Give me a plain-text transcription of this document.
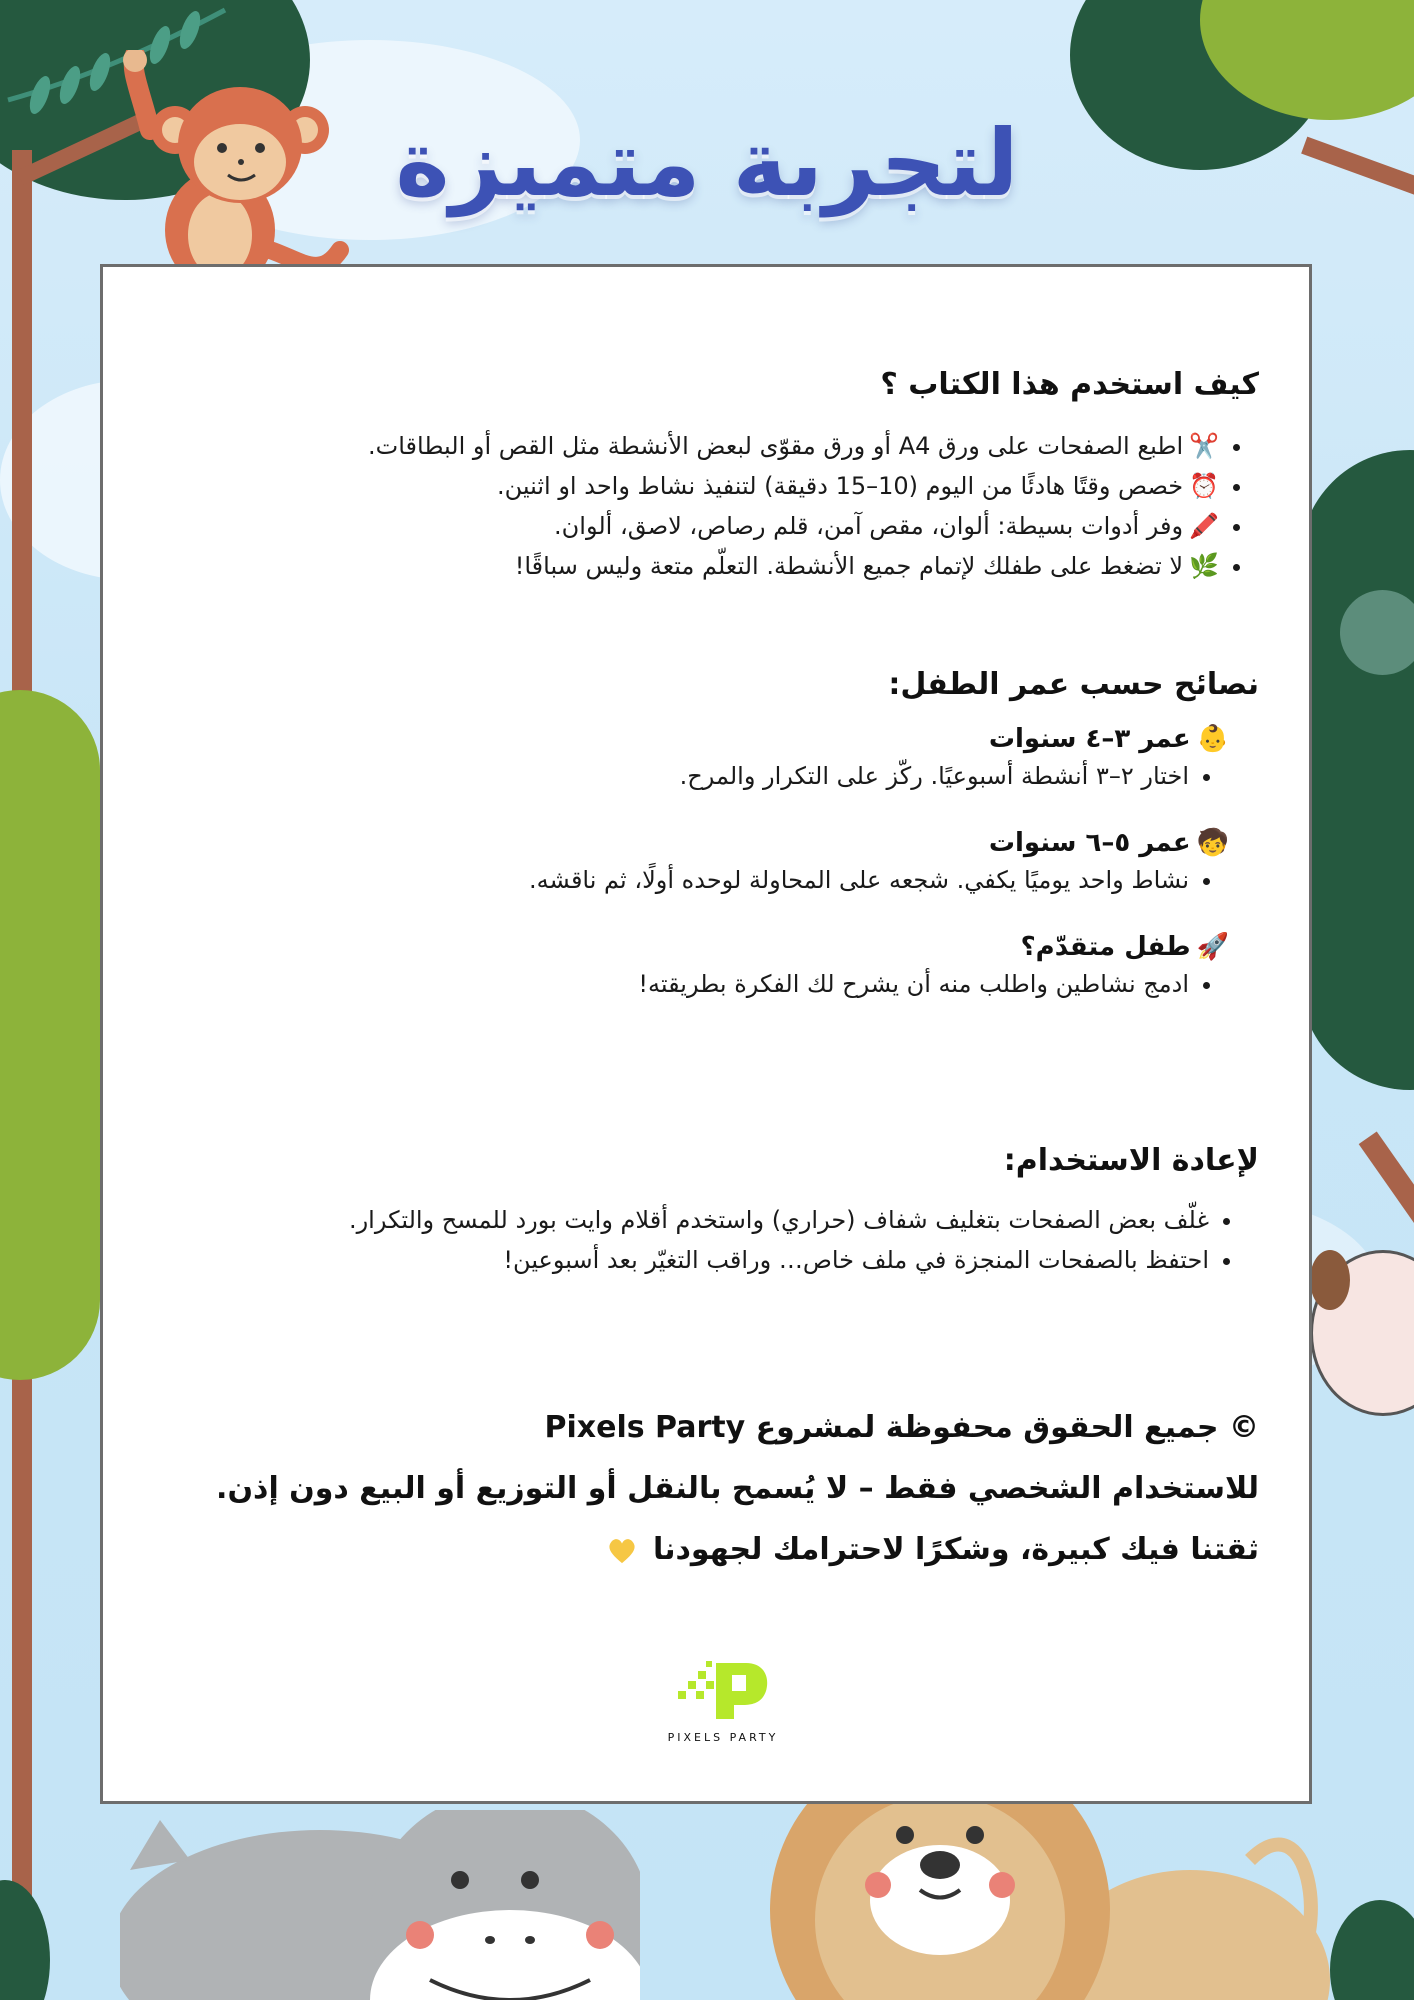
لتجربة متميزة
كيف استخدم هذا الكتاب ؟
• ✂️اطبع الصفحات على ورق A4 أو ورق مقوّى لبعض الأنشطة مثل القص أو البطاقات.
• ⏰خصص وقتًا هادئًا من اليوم (10–15 دقيقة) لتنفيذ نشاط واحد او اثنين.
• 🖍️وفر أدوات بسيطة: ألوان، مقص آمن، قلم رصاص، لاصق، ألوان.
• 🌿لا تضغط على طفلك لإتمام جميع الأنشطة. التعلّم متعة وليس سباقًا!
نصائح حسب عمر الطفل:

👶عمر ٣–٤ سنوات

• اختار ٢–٣ أنشطة أسبوعيًا. ركّز على التكرار والمرح.

🧒عمر ٥–٦ سنوات

• نشاط واحد يوميًا يكفي. شجعه على المحاولة لوحده أولًا، ثم ناقشه.

🚀طفل متقدّم؟

• ادمج نشاطين واطلب منه أن يشرح لك الفكرة بطريقته!
لإعادة الاستخدام:
• غلّف بعض الصفحات بتغليف شفاف (حراري) واستخدم أقلام وايت بورد للمسح والتكرار.
• احتفظ بالصفحات المنجزة في ملف خاص… وراقب التغيّر بعد أسبوعين!
© جميع الحقوق محفوظة لمشروع Pixels Party
للاستخدام الشخصي فقط – لا يُسمح بالنقل أو التوزيع أو البيع دون إذن.
ثقتنا فيك كبيرة، وشكرًا لاحترامك لجهودنا
PIXELS PARTY
